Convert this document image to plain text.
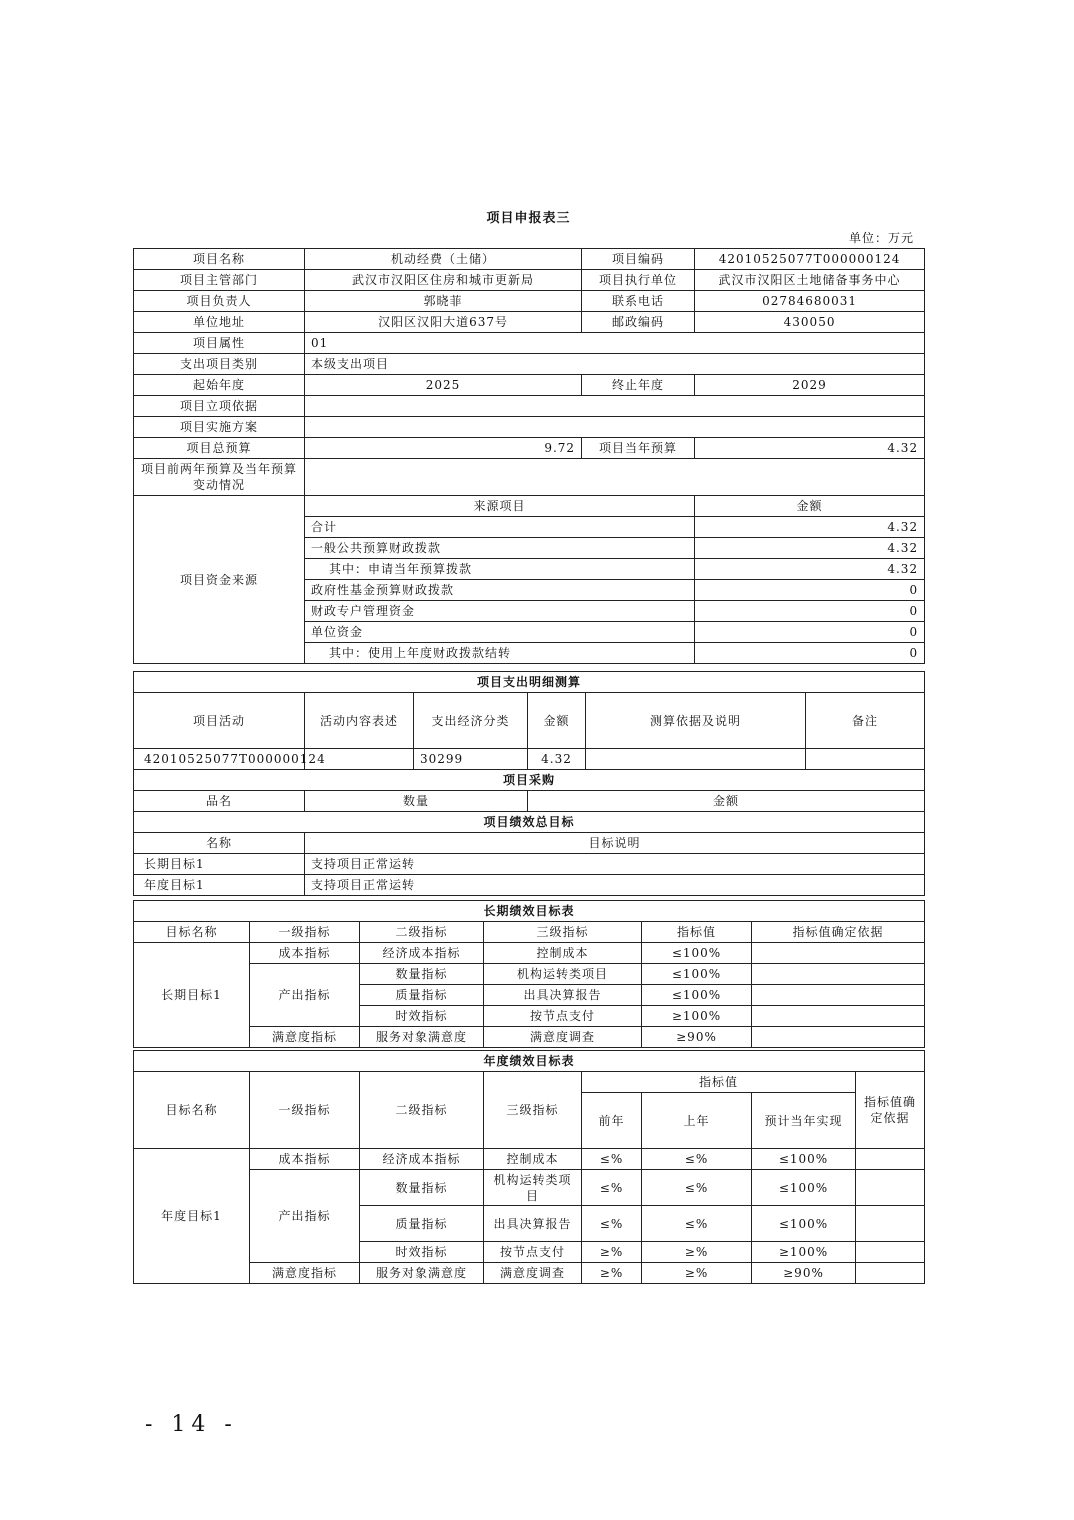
项目申报表三
单位：万元
项目名称	机动经费（土储）	项目编码	42010525077T000000124
项目主管部门	武汉市汉阳区住房和城市更新局	项目执行单位	武汉市汉阳区土地储备事务中心
项目负责人	郭晓菲	联系电话	02784680031
单位地址	汉阳区汉阳大道637号	邮政编码	430050
项目属性	01		
支出项目类别	本级支出项目		
起始年度	2025	终止年度	2029
项目立项依据			
项目实施方案			
项目总预算	9.72	项目当年预算	4.32
项目前两年预算及当年预算变动情况			
项目资金来源	来源项目		金额
	合计		4.32
	一般公共预算财政拨款		4.32
	其中：申请当年预算拨款		4.32
	政府性基金预算财政拨款		0
	财政专户管理资金		0
	单位资金		0
	其中：使用上年度财政拨款结转		0
项目支出明细测算					
项目活动	活动内容表述	支出经济分类	金额	测算依据及说明	备注
42010525077T000000124		30299	4.32		
项目采购					
品名	数量		金额		
项目绩效总目标					
名称	目标说明				
长期目标1	支持项目正常运转				
年度目标1	支持项目正常运转				
长期绩效目标表					
目标名称	一级指标	二级指标	三级指标	指标值	指标值确定依据
长期目标1	成本指标	经济成本指标	控制成本	≤100%	
	产出指标	数量指标	机构运转类项目	≤100%	
		质量指标	出具决算报告	≤100%	
		时效指标	按节点支付	≥100%	
	满意度指标	服务对象满意度	满意度调查	≥90%	
年度绩效目标表							
目标名称	一级指标	二级指标	三级指标	指标值			指标值确定依据
				前年	上年	预计当年实现	
年度目标1	成本指标	经济成本指标	控制成本	≤%	≤%	≤100%	
	产出指标	数量指标	机构运转类项目	≤%	≤%	≤100%	
		质量指标	出具决算报告	≤%	≤%	≤100%	
		时效指标	按节点支付	≥%	≥%	≥100%	
	满意度指标	服务对象满意度	满意度调查	≥%	≥%	≥90%	
- 14 -
